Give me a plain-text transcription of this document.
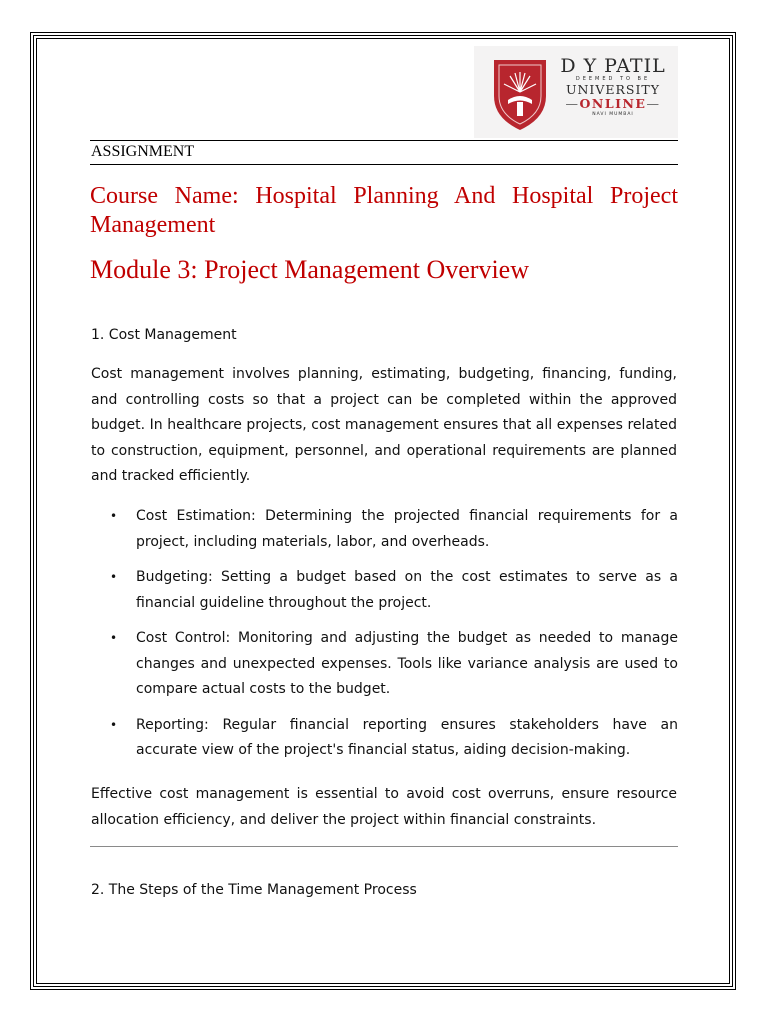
D Y PATIL
DEEMED TO BE
UNIVERSITY
— ONLINE —
NAVI MUMBAI
ASSIGNMENT
Course Name: Hospital Planning And Hospital Project Management
Module 3: Project Management Overview
1. Cost Management
Cost management involves planning, estimating, budgeting, financing, funding, and controlling costs so that a project can be completed within the approved budget. In healthcare projects, cost management ensures that all expenses related to construction, equipment, personnel, and operational requirements are planned and tracked efficiently.
• Cost Estimation: Determining the projected financial requirements for a project, including materials, labor, and overheads.
• Budgeting: Setting a budget based on the cost estimates to serve as a financial guideline throughout the project.
• Cost Control: Monitoring and adjusting the budget as needed to manage changes and unexpected expenses. Tools like variance analysis are used to compare actual costs to the budget.
• Reporting: Regular financial reporting ensures stakeholders have an accurate view of the project's financial status, aiding decision-making.
Effective cost management is essential to avoid cost overruns, ensure resource allocation efficiency, and deliver the project within financial constraints.
2. The Steps of the Time Management Process
